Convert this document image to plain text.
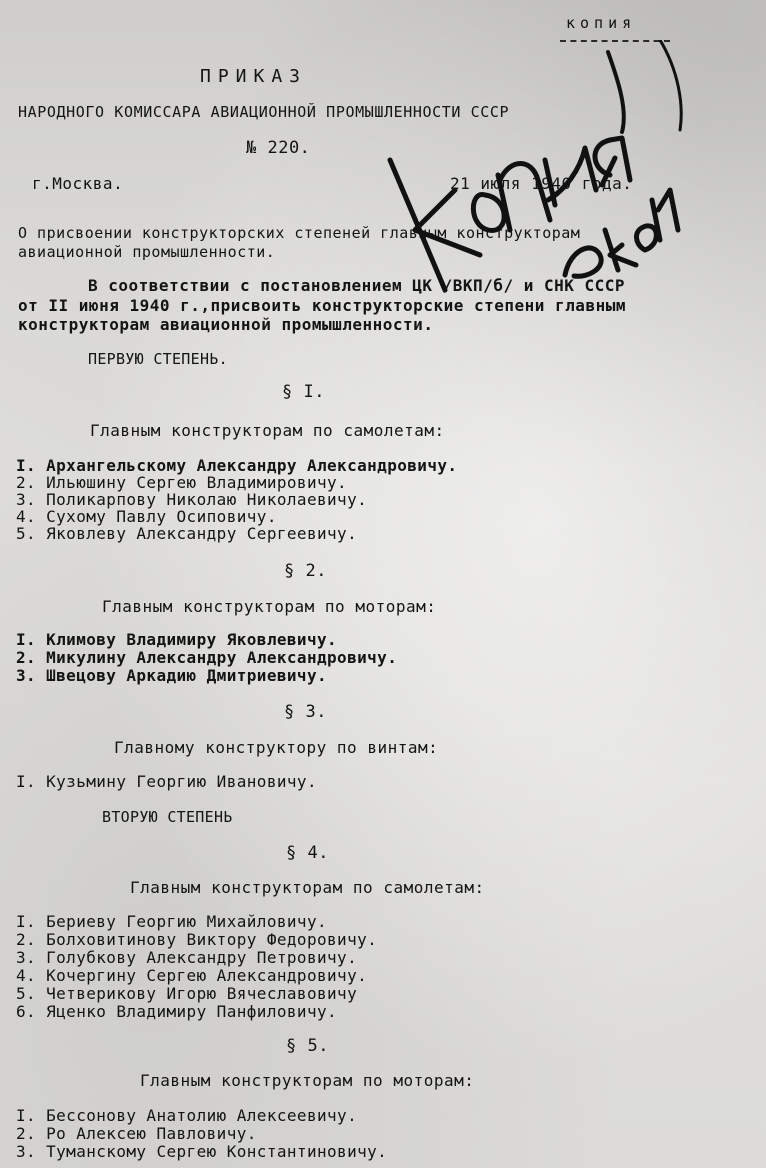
копия
ПРИКАЗ
НАРОДНОГО КОМИССАРА АВИАЦИОННОЙ ПРОМЫШЛЕННОСТИ СССР
№ 220.
г.Москва.	21 июля 1940 года.
О присвоении конструкторских степеней главным конструкторам
авиационной промышленности.
В соответствии с постановлением ЦК /ВКП/б/ и СНК СССР
от II июня 1940 г.,присвоить конструкторские степени главным
конструкторам авиационной промышленности.
ПЕРВУЮ СТЕПЕНЬ.
§ I.
Главным конструкторам по самолетам:
I. Архангельскому Александру Александровичу.
2. Ильюшину Сергею Владимировичу.
3. Поликарпову Николаю Николаевичу.
4. Сухому Павлу Осиповичу.
5. Яковлеву Александру Сергеевичу.
§ 2.
Главным конструкторам по моторам:
I. Климову Владимиру Яковлевичу.
2. Микулину Александру Александровичу.
3. Швецову Аркадию Дмитриевичу.
§ 3.
Главному конструктору по винтам:
I. Кузьмину Георгию Ивановичу.
ВТОРУЮ СТЕПЕНЬ
§ 4.
Главным конструкторам по самолетам:
I. Бериеву Георгию Михайловичу.
2. Болховитинову Виктору Федоровичу.
3. Голубкову Александру Петровичу.
4. Кочергину Сергею Александровичу.
5. Четверикову Игорю Вячеславовичу
6. Яценко Владимиру Панфиловичу.
§ 5.
Главным конструкторам по моторам:
I. Бессонову Анатолию Алексеевичу.
2. Ро Алексею Павловичу.
3. Туманскому Сергею Константиновичу.
